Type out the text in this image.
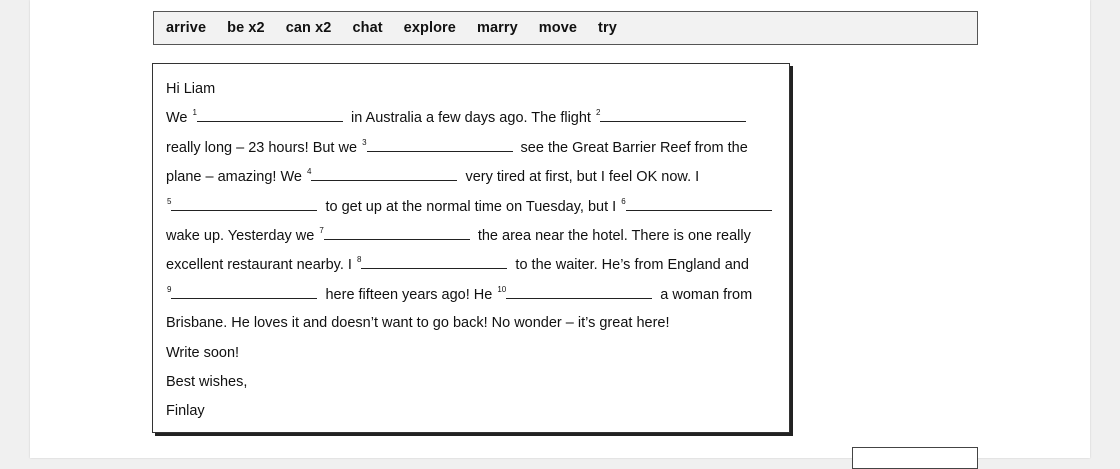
arrive be x2 can x2 chat explore marry move try
Hi Liam
We $^1$	in Australia a few days ago. The flight $^2$
really long – 23 hours! But we $^3$	see the Great Barrier Reef from the
plane – amazing! We $^4$	very tired at first, but I feel OK now. I
$^5$	to get up at the normal time on Tuesday, but I $^6$
wake up. Yesterday we $^7$	the area near the hotel. There is one really
excellent restaurant nearby. I $^8$	to the waiter. He’s from England and
$^9$	here fifteen years ago! He $^{10}$	a woman from
Brisbane. He loves it and doesn’t want to go back! No wonder – it’s great here!
Write soon!
Best wishes,
Finlay
